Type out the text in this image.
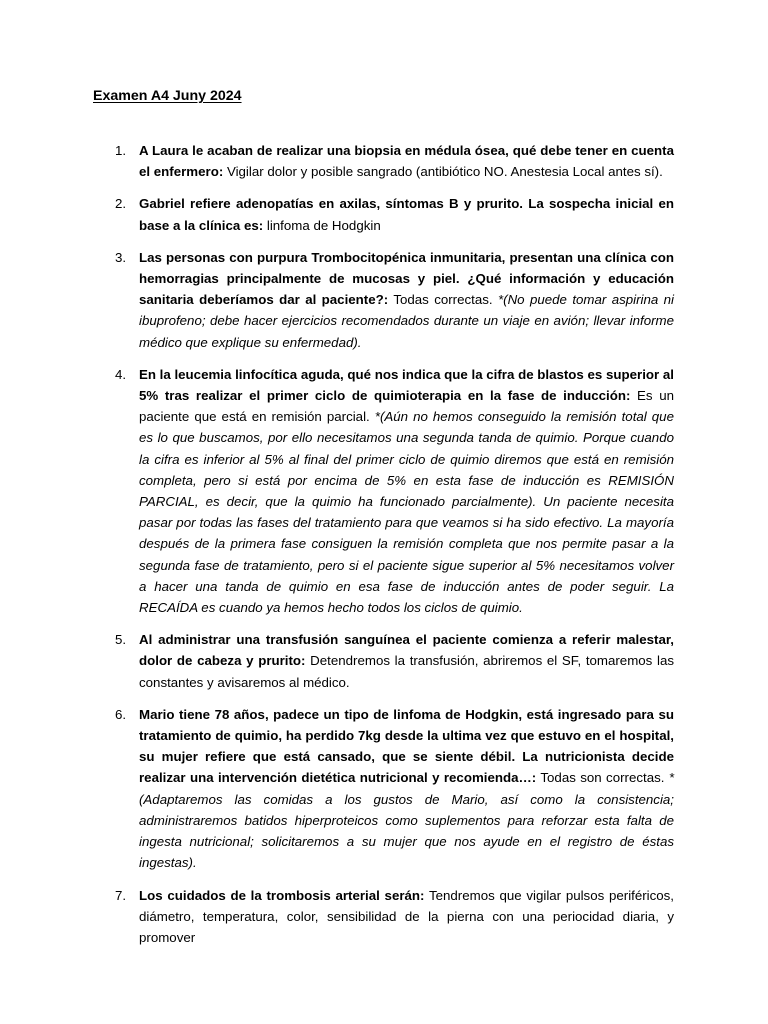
Examen A4 Juny 2024
1. A Laura le acaban de realizar una biopsia en médula ósea, qué debe tener en cuenta el enfermero: Vigilar dolor y posible sangrado (antibiótico NO. Anestesia Local antes sí).
2. Gabriel refiere adenopatías en axilas, síntomas B y prurito. La sospecha inicial en base a la clínica es: linfoma de Hodgkin
3. Las personas con purpura Trombocitopénica inmunitaria, presentan una clínica con hemorragias principalmente de mucosas y piel. ¿Qué información y educación sanitaria deberíamos dar al paciente?: Todas correctas. *(No puede tomar aspirina ni ibuprofeno; debe hacer ejercicios recomendados durante un viaje en avión; llevar informe médico que explique su enfermedad).
4. En la leucemia linfocítica aguda, qué nos indica que la cifra de blastos es superior al 5% tras realizar el primer ciclo de quimioterapia en la fase de inducción: Es un paciente que está en remisión parcial. *(Aún no hemos conseguido la remisión total que es lo que buscamos, por ello necesitamos una segunda tanda de quimio. Porque cuando la cifra es inferior al 5% al final del primer ciclo de quimio diremos que está en remisión completa, pero si está por encima de 5% en esta fase de inducción es REMISIÓN PARCIAL, es decir, que la quimio ha funcionado parcialmente). Un paciente necesita pasar por todas las fases del tratamiento para que veamos si ha sido efectivo. La mayoría después de la primera fase consiguen la remisión completa que nos permite pasar a la segunda fase de tratamiento, pero si el paciente sigue superior al 5% necesitamos volver a hacer una tanda de quimio en esa fase de inducción antes de poder seguir. La RECAÍDA es cuando ya hemos hecho todos los ciclos de quimio.
5. Al administrar una transfusión sanguínea el paciente comienza a referir malestar, dolor de cabeza y prurito: Detendremos la transfusión, abriremos el SF, tomaremos las constantes y avisaremos al médico.
6. Mario tiene 78 años, padece un tipo de linfoma de Hodgkin, está ingresado para su tratamiento de quimio, ha perdido 7kg desde la ultima vez que estuvo en el hospital, su mujer refiere que está cansado, que se siente débil. La nutricionista decide realizar una intervención dietética nutricional y recomienda…: Todas son correctas. *(Adaptaremos las comidas a los gustos de Mario, así como la consistencia; administraremos batidos hiperproteicos como suplementos para reforzar esta falta de ingesta nutricional; solicitaremos a su mujer que nos ayude en el registro de éstas ingestas).
7. Los cuidados de la trombosis arterial serán: Tendremos que vigilar pulsos periféricos, diámetro, temperatura, color, sensibilidad de la pierna con una periocidad diaria, y promover
